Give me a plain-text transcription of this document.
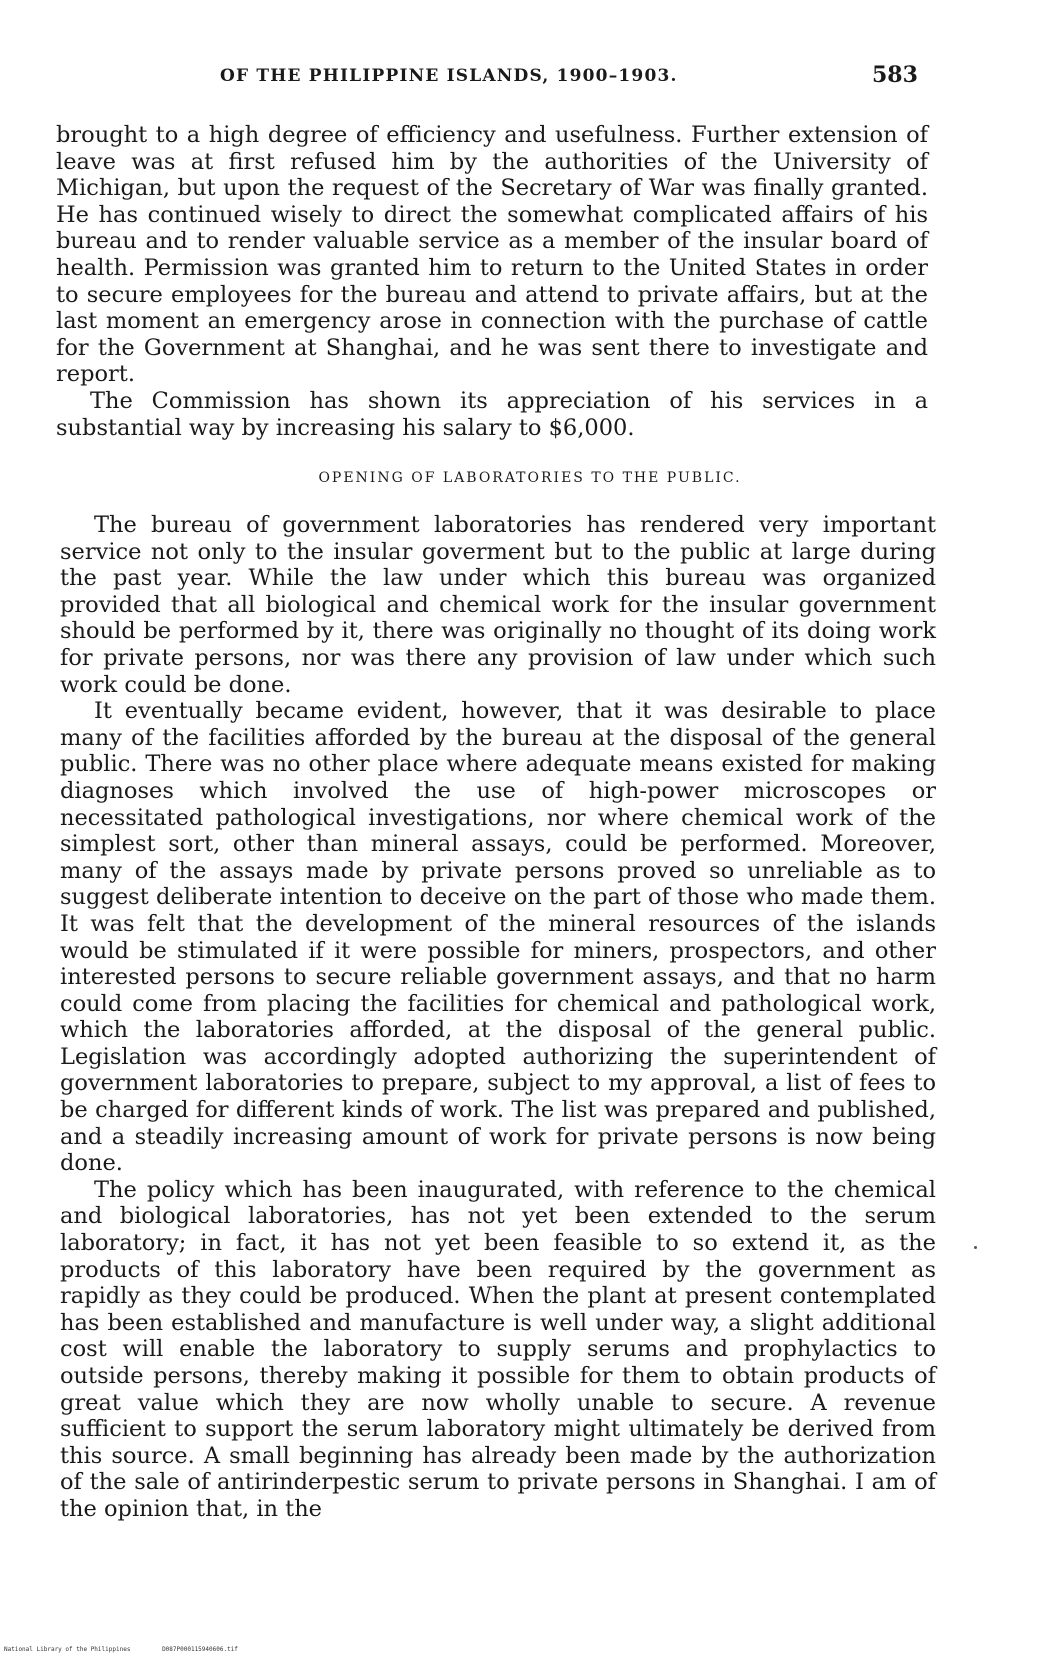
OF THE PHILIPPINE ISLANDS, 1900–1903.	583

brought to a high degree of efficiency and usefulness. Further extension of leave was at first refused him by the authorities of the University of Michigan, but upon the request of the Secretary of War was finally granted. He has continued wisely to direct the somewhat complicated affairs of his bureau and to render valuable service as a member of the insular board of health. Permission was granted him to return to the United States in order to secure employees for the bureau and attend to private affairs, but at the last moment an emergency arose in connection with the purchase of cattle for the Government at Shanghai, and he was sent there to investigate and report.

The Commission has shown its appreciation of his services in a substantial way by increasing his salary to $6,000.

OPENING OF LABORATORIES TO THE PUBLIC.

The bureau of government laboratories has rendered very important service not only to the insular goverment but to the public at large during the past year. While the law under which this bureau was organized provided that all biological and chemical work for the insular government should be performed by it, there was originally no thought of its doing work for private persons, nor was there any provision of law under which such work could be done.

It eventually became evident, however, that it was desirable to place many of the facilities afforded by the bureau at the disposal of the general public. There was no other place where adequate means existed for making diagnoses which involved the use of high-power microscopes or necessitated pathological investigations, nor where chemical work of the simplest sort, other than mineral assays, could be performed. Moreover, many of the assays made by private persons proved so unreliable as to suggest deliberate intention to deceive on the part of those who made them. It was felt that the development of the mineral resources of the islands would be stimulated if it were possible for miners, prospectors, and other interested persons to secure reliable government assays, and that no harm could come from placing the facilities for chemical and pathological work, which the laboratories afforded, at the disposal of the general public. Legislation was accordingly adopted authorizing the superintendent of government laboratories to prepare, subject to my approval, a list of fees to be charged for different kinds of work. The list was prepared and published, and a steadily increasing amount of work for private persons is now being done.

The policy which has been inaugurated, with reference to the chemical and biological laboratories, has not yet been extended to the serum laboratory; in fact, it has not yet been feasible to so extend it, as the products of this laboratory have been required by the government as rapidly as they could be produced. When the plant at present contemplated has been established and manufacture is well under way, a slight additional cost will enable the laboratory to supply serums and prophylactics to outside persons, thereby making it possible for them to obtain products of great value which they are now wholly unable to secure. A revenue sufficient to support the serum laboratory might ultimately be derived from this source. A small beginning has already been made by the authorization of the sale of antirinderpestic serum to private persons in Shanghai. I am of the opinion that, in the

National Library of the Philippines	D087P000115940606.tif
